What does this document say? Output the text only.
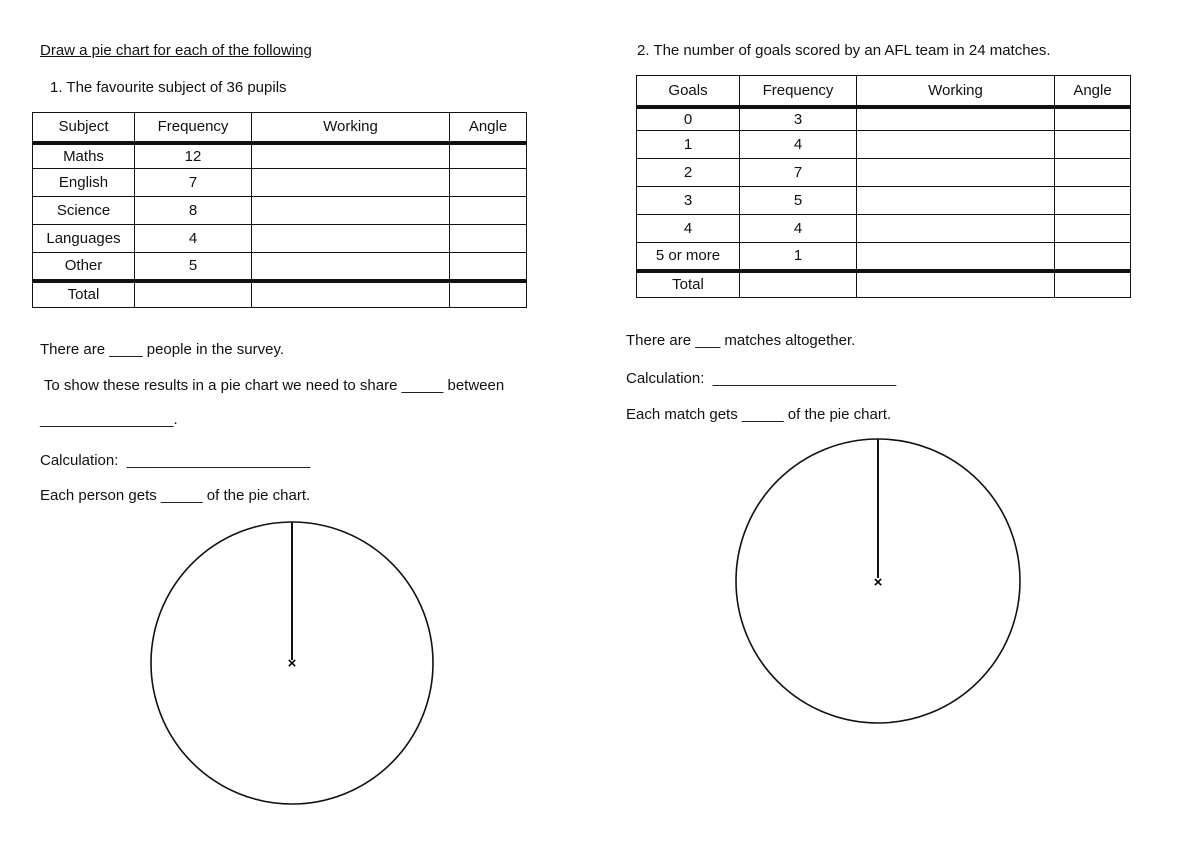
Draw a pie chart for each of the following
1. The favourite subject of 36 pupils
Subject	Frequency	Working	Angle
Maths	12		
English	7		
Science	8		
Languages	4		
Other	5		
Total			
There are ____ people in the survey.
To show these results in a pie chart we need to share _____ between
________________.
Calculation:  ______________________
Each person gets _____ of the pie chart.
×
2. The number of goals scored by an AFL team in 24 matches.
Goals	Frequency	Working	Angle
0	3		
1	4		
2	7		
3	5		
4	4		
5 or more	1		
Total			
There are ___ matches altogether.
Calculation:  ______________________
Each match gets _____ of the pie chart.
×
